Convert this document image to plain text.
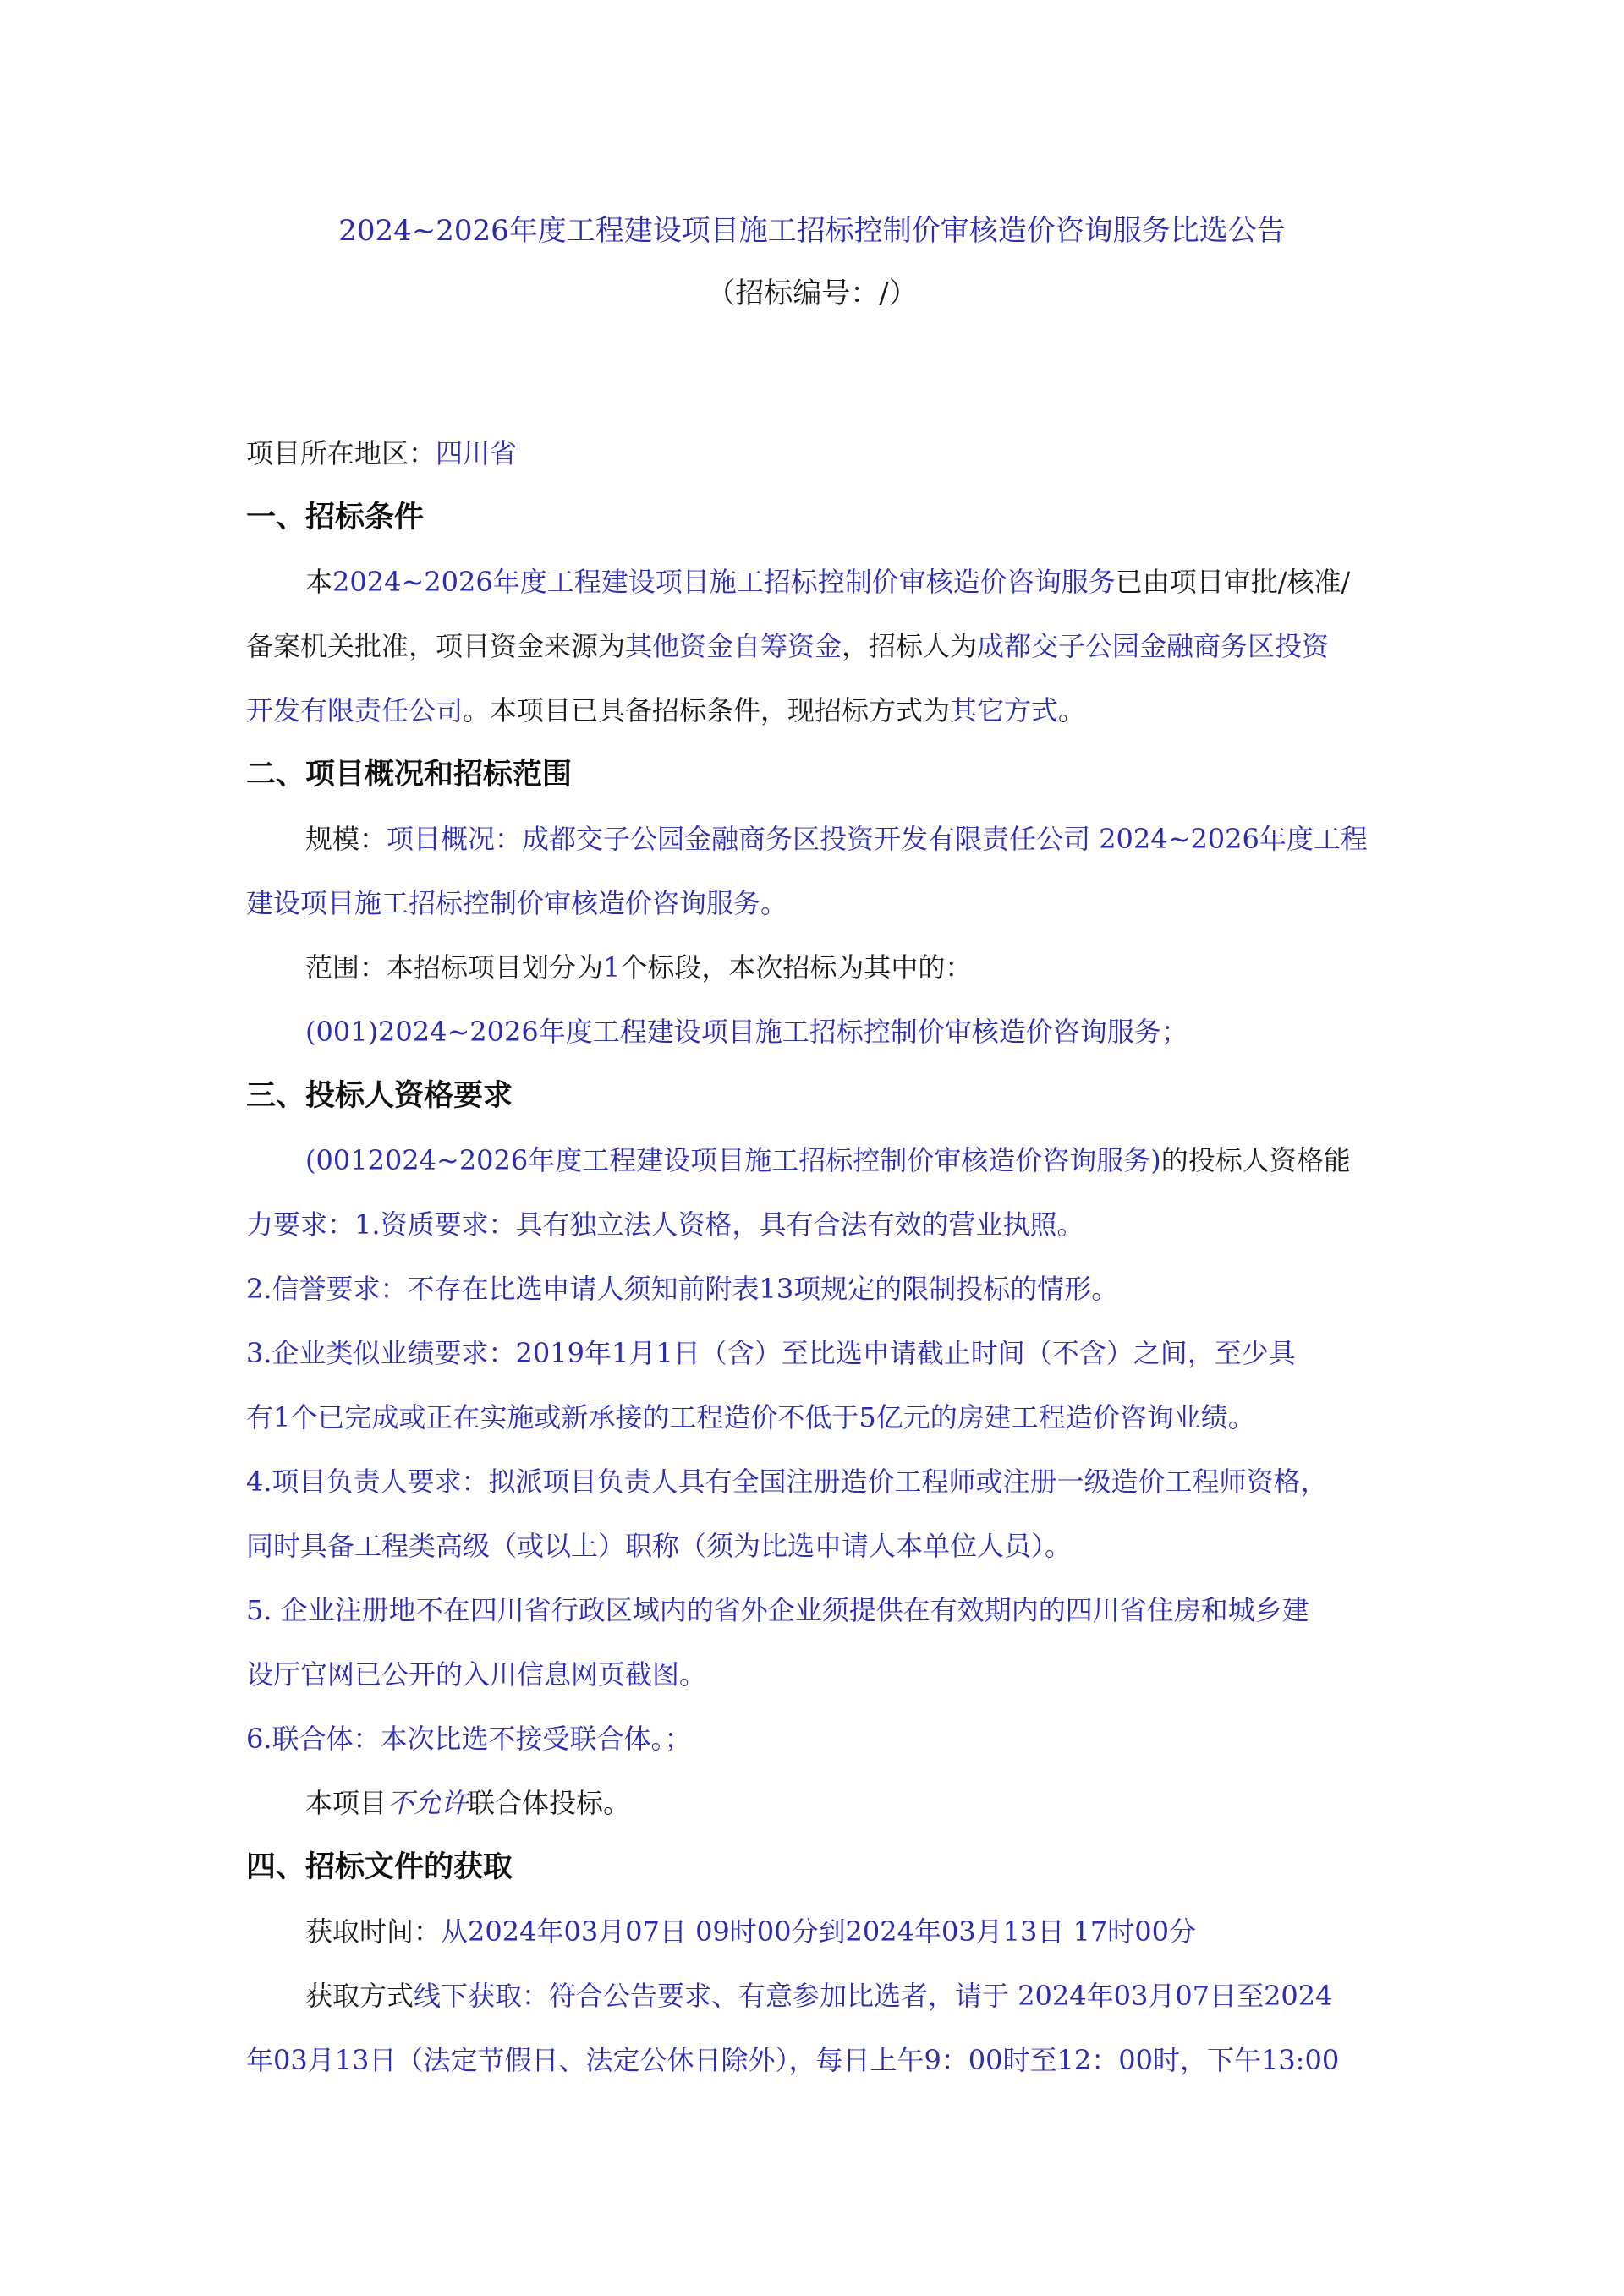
2024~2026年度工程建设项目施工招标控制价审核造价咨询服务比选公告
（招标编号：/）
项目所在地区：四川省
一、招标条件
本2024~2026年度工程建设项目施工招标控制价审核造价咨询服务已由项目审批/核准/
备案机关批准，项目资金来源为其他资金自筹资金，招标人为成都交子公园金融商务区投资
开发有限责任公司。本项目已具备招标条件，现招标方式为其它方式。
二、项目概况和招标范围
规模：项目概况：成都交子公园金融商务区投资开发有限责任公司 2024~2026年度工程
建设项目施工招标控制价审核造价咨询服务。
范围：本招标项目划分为1个标段，本次招标为其中的：
(001)2024~2026年度工程建设项目施工招标控制价审核造价咨询服务；
三、投标人资格要求
(0012024~2026年度工程建设项目施工招标控制价审核造价咨询服务)的投标人资格能
力要求：1.资质要求：具有独立法人资格，具有合法有效的营业执照。
2.信誉要求：不存在比选申请人须知前附表13项规定的限制投标的情形。
3.企业类似业绩要求：2019年1月1日（含）至比选申请截止时间（不含）之间，至少具
有1个已完成或正在实施或新承接的工程造价不低于5亿元的房建工程造价咨询业绩。
4.项目负责人要求：拟派项目负责人具有全国注册造价工程师或注册一级造价工程师资格，
同时具备工程类高级（或以上）职称（须为比选申请人本单位人员）。
5. 企业注册地不在四川省行政区域内的省外企业须提供在有效期内的四川省住房和城乡建
设厅官网已公开的入川信息网页截图。
6.联合体：本次比选不接受联合体。；
本项目不允许联合体投标。
四、招标文件的获取
获取时间：从2024年03月07日 09时00分到2024年03月13日 17时00分
获取方式线下获取：符合公告要求、有意参加比选者，请于 2024年03月07日至2024
年03月13日（法定节假日、法定公休日除外），每日上午9：00时至12：00时，下午13:00
